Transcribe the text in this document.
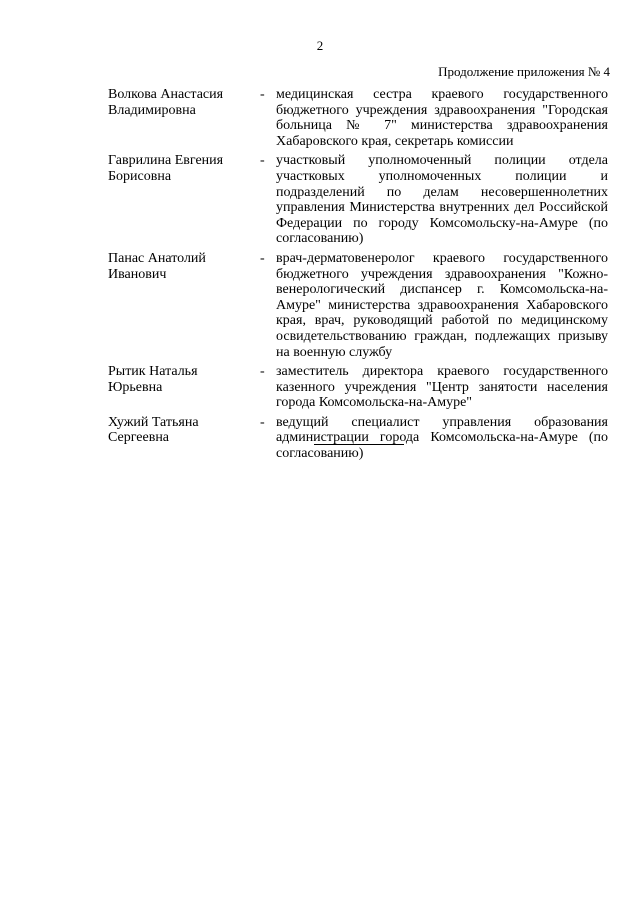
2
Продолжение приложения № 4
Волкова Анастасия
Владимировна
- медицинская сестра краевого государственного бюджетного учреждения здравоохранения "Городская больница № 7" министерства здравоохранения Хабаровского края, секретарь комиссии
Гаврилина Евгения
Борисовна
- участковый уполномоченный полиции отдела участковых уполномоченных полиции и подразделений по делам несовершеннолетних управления Министерства внутренних дел Российской Федерации по городу Комсомольску-на-Амуре (по согласованию)
Панас Анатолий
Иванович
- врач-дерматовенеролог краевого государственного бюджетного учреждения здравоохранения "Кожно-венерологический диспансер г. Комсомольска-на-Амуре" министерства здравоохранения Хабаровского края, врач, руководящий работой по медицинскому освидетельствованию граждан, подлежащих призыву на военную службу
Рытик Наталья
Юрьевна
- заместитель директора краевого государственного казенного учреждения "Центр занятости населения города Комсомольска-на-Амуре"
Хужий Татьяна
Сергеевна
- ведущий специалист управления образования администрации города Комсомольска-на-Амуре (по согласованию)
